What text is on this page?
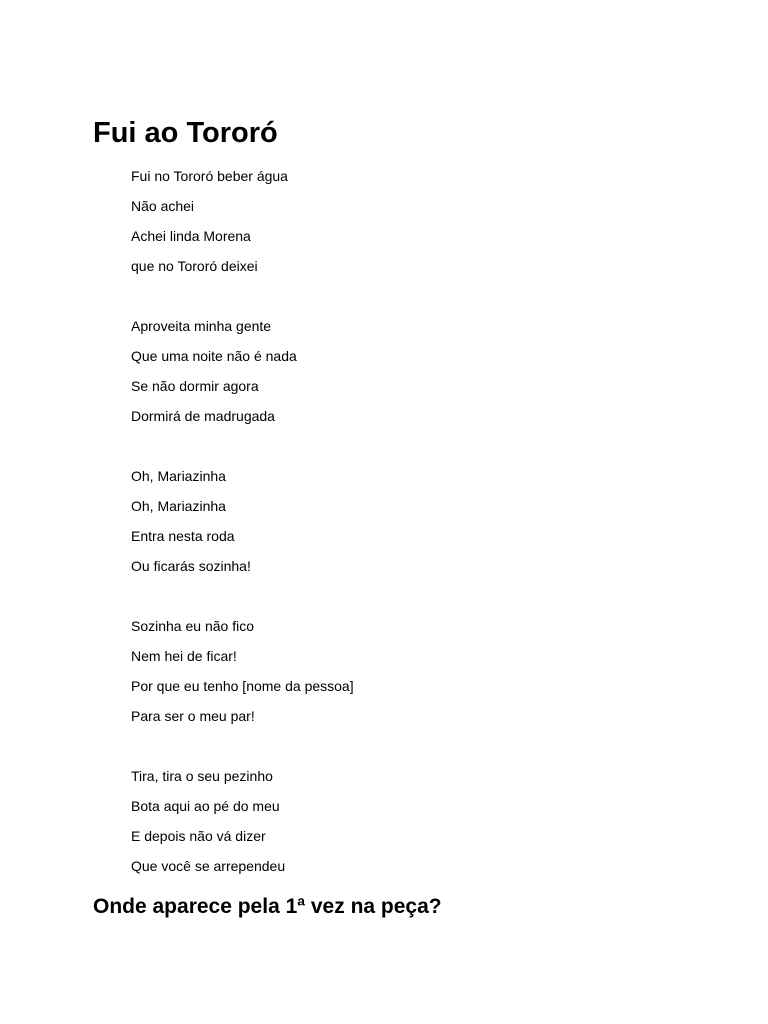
Fui ao Tororó
Fui no Tororó beber água
Não achei
Achei linda Morena
que no Tororó deixei
Aproveita minha gente
Que uma noite não é nada
Se não dormir agora
Dormirá de madrugada
Oh, Mariazinha
Oh, Mariazinha
Entra nesta roda
Ou ficarás sozinha!
Sozinha eu não fico
Nem hei de ficar!
Por que eu tenho [nome da pessoa]
Para ser o meu par!
Tira, tira o seu pezinho
Bota aqui ao pé do meu
E depois não vá dizer
Que você se arrependeu
Onde aparece pela 1ª vez na peça?
